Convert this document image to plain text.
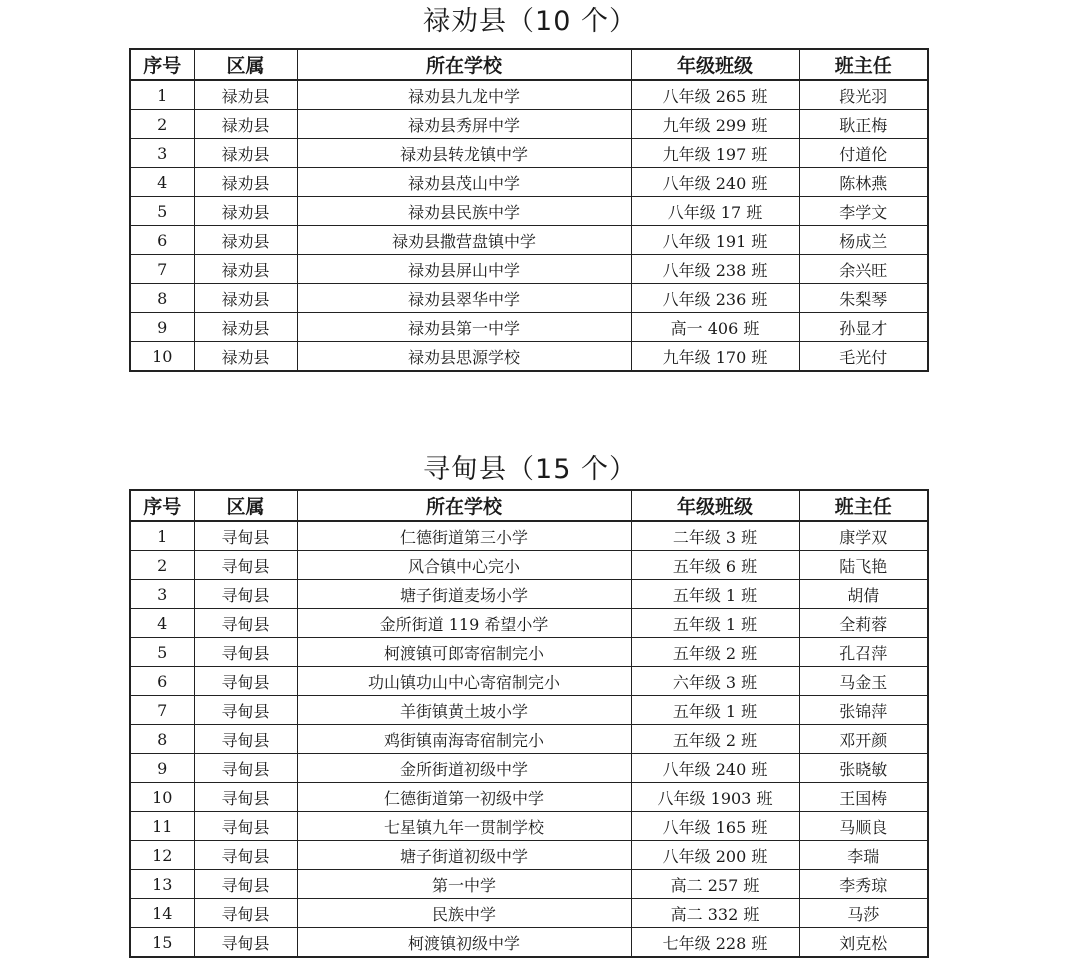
禄劝县（10 个）
序号	区属	所在学校	年级班级	班主任
1	禄劝县	禄劝县九龙中学	八年级 265 班	段光羽
2	禄劝县	禄劝县秀屏中学	九年级 299 班	耿正梅
3	禄劝县	禄劝县转龙镇中学	九年级 197 班	付道伦
4	禄劝县	禄劝县茂山中学	八年级 240 班	陈林燕
5	禄劝县	禄劝县民族中学	八年级 17 班	李学文
6	禄劝县	禄劝县撒营盘镇中学	八年级 191 班	杨成兰
7	禄劝县	禄劝县屏山中学	八年级 238 班	余兴旺
8	禄劝县	禄劝县翠华中学	八年级 236 班	朱梨琴
9	禄劝县	禄劝县第一中学	高一 406 班	孙显才
10	禄劝县	禄劝县思源学校	九年级 170 班	毛光付
寻甸县（15 个）
序号	区属	所在学校	年级班级	班主任
1	寻甸县	仁德街道第三小学	二年级 3 班	康学双
2	寻甸县	风合镇中心完小	五年级 6 班	陆飞艳
3	寻甸县	塘子街道麦场小学	五年级 1 班	胡倩
4	寻甸县	金所街道 119 希望小学	五年级 1 班	全莉蓉
5	寻甸县	柯渡镇可郎寄宿制完小	五年级 2 班	孔召萍
6	寻甸县	功山镇功山中心寄宿制完小	六年级 3 班	马金玉
7	寻甸县	羊街镇黄土坡小学	五年级 1 班	张锦萍
8	寻甸县	鸡街镇南海寄宿制完小	五年级 2 班	邓开颜
9	寻甸县	金所街道初级中学	八年级 240 班	张晓敏
10	寻甸县	仁德街道第一初级中学	八年级 1903 班	王国梼
11	寻甸县	七星镇九年一贯制学校	八年级 165 班	马顺良
12	寻甸县	塘子街道初级中学	八年级 200 班	李瑞
13	寻甸县	第一中学	高二 257 班	李秀琼
14	寻甸县	民族中学	高二 332 班	马莎
15	寻甸县	柯渡镇初级中学	七年级 228 班	刘克松
